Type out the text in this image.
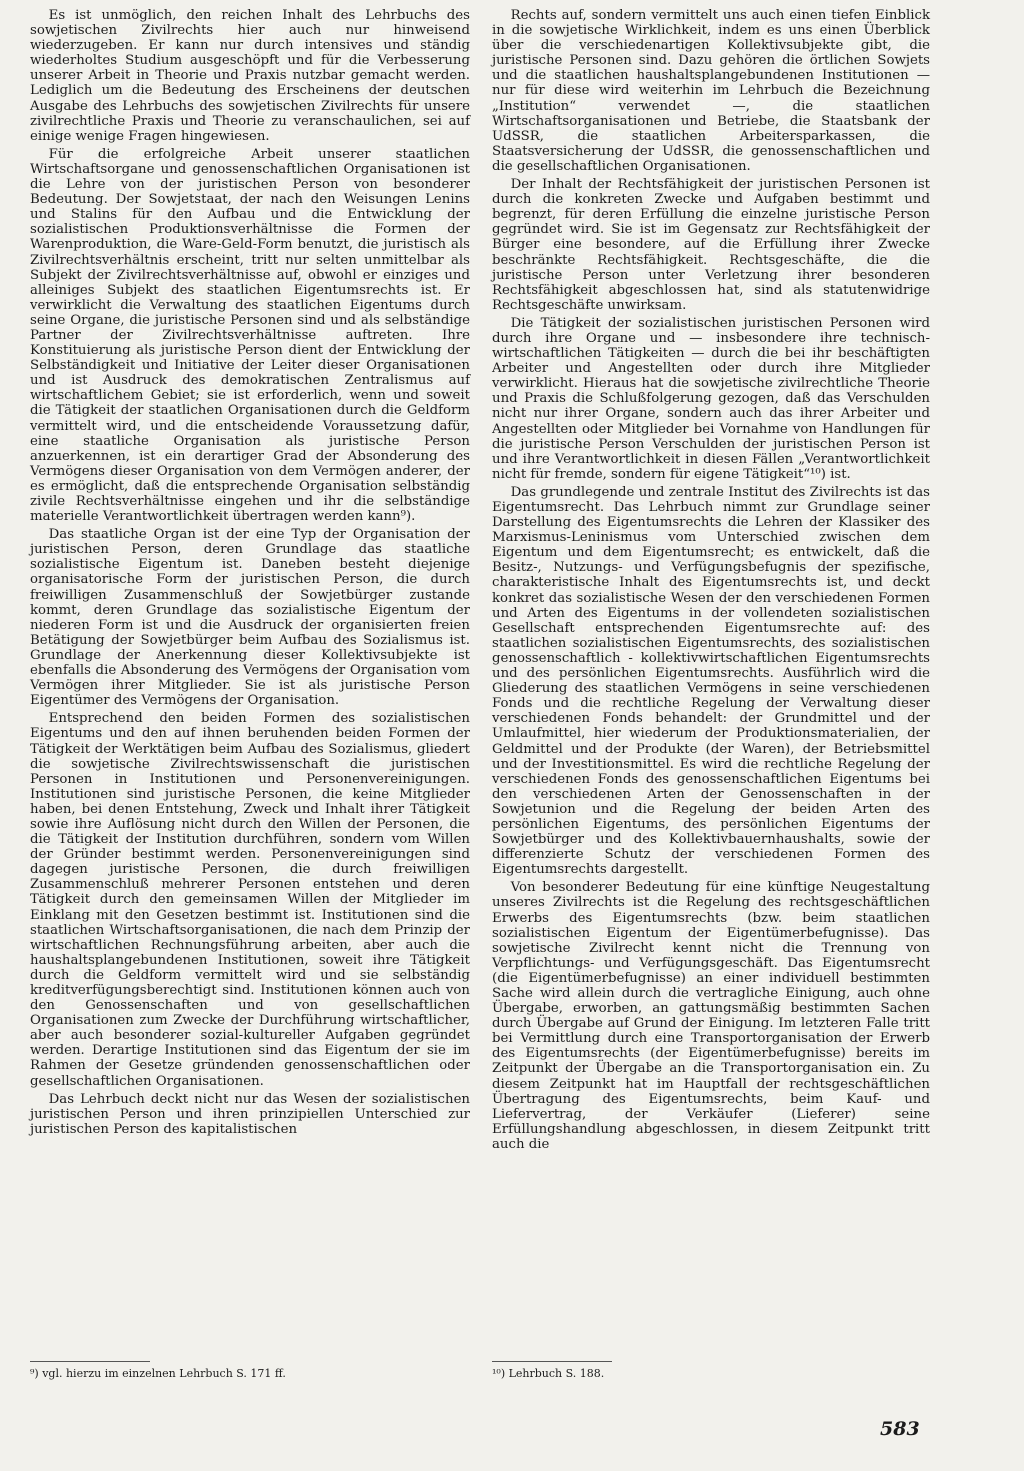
Es ist unmöglich, den reichen Inhalt des Lehrbuchs des sowjetischen Zivilrechts hier auch nur hinweisend wiederzugeben. Er kann nur durch intensives und ständig wiederholtes Studium ausgeschöpft und für die Verbesserung unserer Arbeit in Theorie und Praxis nutzbar gemacht werden. Lediglich um die Bedeutung des Erscheinens der deutschen Ausgabe des Lehrbuchs des sowjetischen Zivilrechts für unsere zivilrechtliche Praxis und Theorie zu veranschaulichen, sei auf einige wenige Fragen hingewiesen.

Für die erfolgreiche Arbeit unserer staatlichen Wirtschaftsorgane und genossenschaftlichen Organisationen ist die Lehre von der juristischen Person von besonderer Bedeutung. Der Sowjetstaat, der nach den Weisungen Lenins und Stalins für den Aufbau und die Entwicklung der sozialistischen Produktionsverhältnisse die Formen der Warenproduktion, die Ware-Geld-Form benutzt, die juristisch als Zivilrechtsverhältnis erscheint, tritt nur selten unmittelbar als Subjekt der Zivilrechtsverhältnisse auf, obwohl er einziges und alleiniges Subjekt des staatlichen Eigentumsrechts ist. Er verwirklicht die Verwaltung des staatlichen Eigentums durch seine Organe, die juristische Personen sind und als selbständige Partner der Zivilrechtsverhältnisse auftreten. Ihre Konstituierung als juristische Person dient der Entwicklung der Selbständigkeit und Initiative der Leiter dieser Organisationen und ist Ausdruck des demokratischen Zentralismus auf wirtschaftlichem Gebiet; sie ist erforderlich, wenn und soweit die Tätigkeit der staatlichen Organisationen durch die Geldform vermittelt wird, und die entscheidende Voraussetzung dafür, eine staatliche Organisation als juristische Person anzuerkennen, ist ein derartiger Grad der Absonderung des Vermögens dieser Organisation von dem Vermögen anderer, der es ermöglicht, daß die entsprechende Organisation selbständig zivile Rechtsverhältnisse eingehen und ihr die selbständige materielle Verantwortlichkeit übertragen werden kann⁹).

Das staatliche Organ ist der eine Typ der Organisation der juristischen Person, deren Grundlage das staatliche sozialistische Eigentum ist. Daneben besteht diejenige organisatorische Form der juristischen Person, die durch freiwilligen Zusammenschluß der Sowjetbürger zustande kommt, deren Grundlage das sozialistische Eigentum der niederen Form ist und die Ausdruck der organisierten freien Betätigung der Sowjetbürger beim Aufbau des Sozialismus ist. Grundlage der Anerkennung dieser Kollektivsubjekte ist ebenfalls die Absonderung des Vermögens der Organisation vom Vermögen ihrer Mitglieder. Sie ist als juristische Person Eigentümer des Vermögens der Organisation.

Entsprechend den beiden Formen des sozialistischen Eigentums und den auf ihnen beruhenden beiden Formen der Tätigkeit der Werktätigen beim Aufbau des Sozialismus, gliedert die sowjetische Zivilrechtswissenschaft die juristischen Personen in Institutionen und Personenvereinigungen. Institutionen sind juristische Personen, die keine Mitglieder haben, bei denen Entstehung, Zweck und Inhalt ihrer Tätigkeit sowie ihre Auflösung nicht durch den Willen der Personen, die die Tätigkeit der Institution durchführen, sondern vom Willen der Gründer bestimmt werden. Personenvereinigungen sind dagegen juristische Personen, die durch freiwilligen Zusammenschluß mehrerer Personen entstehen und deren Tätigkeit durch den gemeinsamen Willen der Mitglieder im Einklang mit den Gesetzen bestimmt ist. Institutionen sind die staatlichen Wirtschaftsorganisationen, die nach dem Prinzip der wirtschaftlichen Rechnungsführung arbeiten, aber auch die haushaltsplangebundenen Institutionen, soweit ihre Tätigkeit durch die Geldform vermittelt wird und sie selbständig kreditverfügungsberechtigt sind. Institutionen können auch von den Genossenschaften und von gesellschaftlichen Organisationen zum Zwecke der Durchführung wirtschaftlicher, aber auch besonderer sozial-kultureller Aufgaben gegründet werden. Derartige Institutionen sind das Eigentum der sie im Rahmen der Gesetze gründenden genossenschaftlichen oder gesellschaftlichen Organisationen.

Das Lehrbuch deckt nicht nur das Wesen der sozialistischen juristischen Person und ihren prinzipiellen Unterschied zur juristischen Person des kapitalistischen

Rechts auf, sondern vermittelt uns auch einen tiefen Einblick in die sowjetische Wirklichkeit, indem es uns einen Überblick über die verschiedenartigen Kollektivsubjekte gibt, die juristische Personen sind. Dazu gehören die örtlichen Sowjets und die staatlichen haushaltsplangebundenen Institutionen — nur für diese wird weiterhin im Lehrbuch die Bezeichnung „Institution“ verwendet —, die staatlichen Wirtschaftsorganisationen und Betriebe, die Staatsbank der UdSSR, die staatlichen Arbeitersparkassen, die Staatsversicherung der UdSSR, die genossenschaftlichen und die gesellschaftlichen Organisationen.

Der Inhalt der Rechtsfähigkeit der juristischen Personen ist durch die konkreten Zwecke und Aufgaben bestimmt und begrenzt, für deren Erfüllung die einzelne juristische Person gegründet wird. Sie ist im Gegensatz zur Rechtsfähigkeit der Bürger eine besondere, auf die Erfüllung ihrer Zwecke beschränkte Rechtsfähigkeit. Rechtsgeschäfte, die die juristische Person unter Verletzung ihrer besonderen Rechtsfähigkeit abgeschlossen hat, sind als statutenwidrige Rechtsgeschäfte unwirksam.

Die Tätigkeit der sozialistischen juristischen Personen wird durch ihre Organe und — insbesondere ihre technisch-wirtschaftlichen Tätigkeiten — durch die bei ihr beschäftigten Arbeiter und Angestellten oder durch ihre Mitglieder verwirklicht. Hieraus hat die sowjetische zivilrechtliche Theorie und Praxis die Schlußfolgerung gezogen, daß das Verschulden nicht nur ihrer Organe, sondern auch das ihrer Arbeiter und Angestellten oder Mitglieder bei Vornahme von Handlungen für die juristische Person Verschulden der juristischen Person ist und ihre Verantwortlichkeit in diesen Fällen „Verantwortlichkeit nicht für fremde, sondern für eigene Tätigkeit“¹⁰) ist.

Das grundlegende und zentrale Institut des Zivilrechts ist das Eigentumsrecht. Das Lehrbuch nimmt zur Grundlage seiner Darstellung des Eigentumsrechts die Lehren der Klassiker des Marxismus-Leninismus vom Unterschied zwischen dem Eigentum und dem Eigentumsrecht; es entwickelt, daß die Besitz-, Nutzungs- und Verfügungsbefugnis der spezifische, charakteristische Inhalt des Eigentumsrechts ist, und deckt konkret das sozialistische Wesen der den verschiedenen Formen und Arten des Eigentums in der vollendeten sozialistischen Gesellschaft entsprechenden Eigentumsrechte auf: des staatlichen sozialistischen Eigentumsrechts, des sozialistischen genossenschaftlich - kollektivwirtschaftlichen Eigentumsrechts und des persönlichen Eigentumsrechts. Ausführlich wird die Gliederung des staatlichen Vermögens in seine verschiedenen Fonds und die rechtliche Regelung der Verwaltung dieser verschiedenen Fonds behandelt: der Grundmittel und der Umlaufmittel, hier wiederum der Produktionsmaterialien, der Geldmittel und der Produkte (der Waren), der Betriebsmittel und der Investitionsmittel. Es wird die rechtliche Regelung der verschiedenen Fonds des genossenschaftlichen Eigentums bei den verschiedenen Arten der Genossenschaften in der Sowjetunion und die Regelung der beiden Arten des persönlichen Eigentums, des persönlichen Eigentums der Sowjetbürger und des Kollektivbauernhaushalts, sowie der differenzierte Schutz der verschiedenen Formen des Eigentumsrechts dargestellt.

Von besonderer Bedeutung für eine künftige Neugestaltung unseres Zivilrechts ist die Regelung des rechtsgeschäftlichen Erwerbs des Eigentumsrechts (bzw. beim staatlichen sozialistischen Eigentum der Eigentümerbefugnisse). Das sowjetische Zivilrecht kennt nicht die Trennung von Verpflichtungs- und Verfügungsgeschäft. Das Eigentumsrecht (die Eigentümerbefugnisse) an einer individuell bestimmten Sache wird allein durch die vertragliche Einigung, auch ohne Übergabe, erworben, an gattungsmäßig bestimmten Sachen durch Übergabe auf Grund der Einigung. Im letzteren Falle tritt bei Vermittlung durch eine Transportorganisation der Erwerb des Eigentumsrechts (der Eigentümerbefugnisse) bereits im Zeitpunkt der Übergabe an die Transportorganisation ein. Zu diesem Zeitpunkt hat im Hauptfall der rechtsgeschäftlichen Übertragung des Eigentumsrechts, beim Kauf- und Liefervertrag, der Verkäufer (Lieferer) seine Erfüllungshandlung abgeschlossen, in diesem Zeitpunkt tritt auch die

⁹) vgl. hierzu im einzelnen Lehrbuch S. 171 ff.	¹⁰) Lehrbuch S. 188.
583
